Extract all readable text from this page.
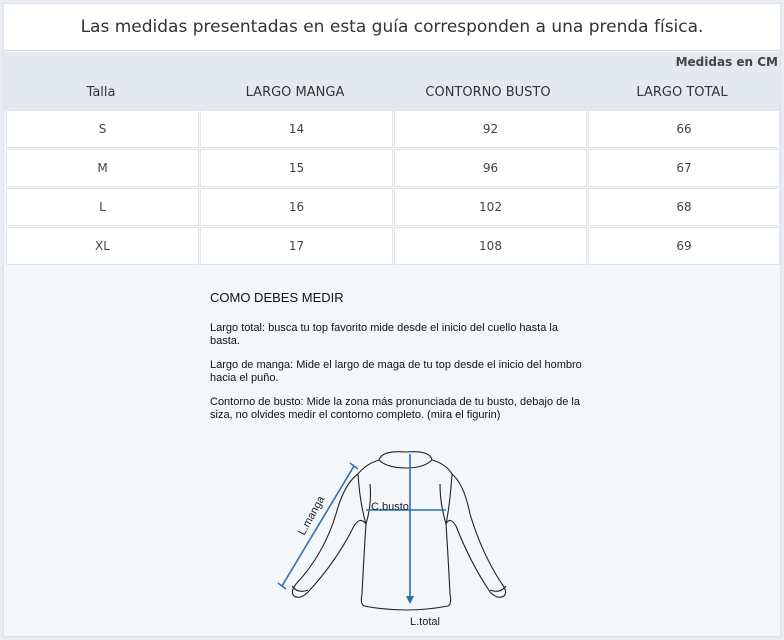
Las medidas presentadas en esta guía corresponden a una prenda física.
Talla	LARGO MANGA	CONTORNO BUSTO	LARGO TOTAL
Medidas en CM
S	14	92	66
M	15	96	67
L	16	102	68
XL	17	108	69
COMO DEBES MEDIR

Largo total: busca tu top favorito mide desde el inicio del cuello hasta la basta.

Largo de manga: Mide el largo de maga de tu top desde el inicio del hombro hacia el puño.

Contorno de busto: Mide la zona más pronunciada de tu busto, debajo de la siza, no olvides medir el contorno completo. (mira el figurin)

L.manga	C.busto
L.total
